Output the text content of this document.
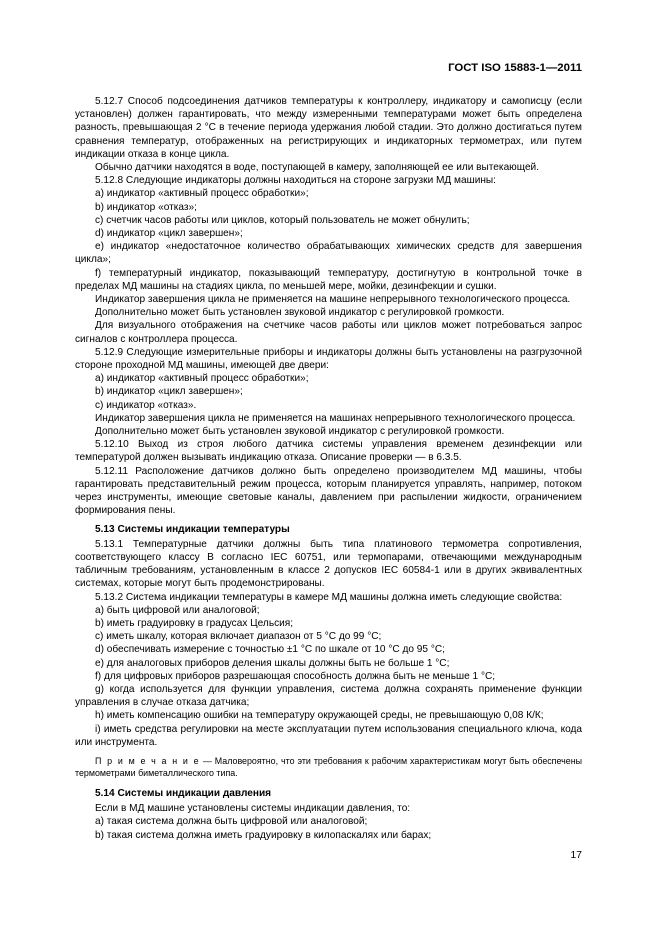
ГОСТ ISO 15883-1—2011

5.12.7 Способ подсоединения датчиков температуры к контроллеру, индикатору и самописцу (если установлен) должен гарантировать, что между измеренными температурами может быть определена разность, превышающая 2 °С в течение периода удержания любой стадии. Это должно достигаться путем сравнения температур, отображенных на регистрирующих и индикаторных термометрах, или путем индикации отказа в конце цикла.

Обычно датчики находятся в воде, поступающей в камеру, заполняющей ее или вытекающей.

5.12.8 Следующие индикаторы должны находиться на стороне загрузки МД машины:

а) индикатор «активный процесс обработки»;

b) индикатор «отказ»;

с) счетчик часов работы или циклов, который пользователь не может обнулить;

d) индикатор «цикл завершен»;

e) индикатор «недостаточное количество обрабатывающих химических средств для завершения цикла»;

f) температурный индикатор, показывающий температуру, достигнутую в контрольной точке в пределах МД машины на стадиях цикла, по меньшей мере, мойки, дезинфекции и сушки.

Индикатор завершения цикла не применяется на машине непрерывного технологического процесса.

Дополнительно может быть установлен звуковой индикатор с регулировкой громкости.

Для визуального отображения на счетчике часов работы или циклов может потребоваться запрос сигналов с контроллера процесса.

5.12.9 Следующие измерительные приборы и индикаторы должны быть установлены на разгрузочной стороне проходной МД машины, имеющей две двери:

а) индикатор «активный процесс обработки»;

b) индикатор «цикл завершен»;

с) индикатор «отказ».

Индикатор завершения цикла не применяется на машинах непрерывного технологического процесса.

Дополнительно может быть установлен звуковой индикатор с регулировкой громкости.

5.12.10 Выход из строя любого датчика системы управления временем дезинфекции или температурой должен вызывать индикацию отказа. Описание проверки — в 6.3.5.

5.12.11 Расположение датчиков должно быть определено производителем МД машины, чтобы гарантировать представительный режим процесса, которым планируется управлять, например, потоком через инструменты, имеющие световые каналы, давлением при распылении жидкости, ограничением формирования пены.

5.13 Системы индикации температуры

5.13.1 Температурные датчики должны быть типа платинового термометра сопротивления, соответствующего классу В согласно IEC 60751, или термопарами, отвечающими международным табличным требованиям, установленным в классе 2 допусков IEC 60584-1 или в других эквивалентных системах, которые могут быть продемонстрированы.

5.13.2 Система индикации температуры в камере МД машины должна иметь следующие свойства:

а) быть цифровой или аналоговой;

b) иметь градуировку в градусах Цельсия;

с) иметь шкалу, которая включает диапазон от 5 °С до 99 °С;

d) обеспечивать измерение с точностью ±1 °С по шкале от 10 °С до 95 °С;

e) для аналоговых приборов деления шкалы должны быть не больше 1 °С;

f) для цифровых приборов разрешающая способность должна быть не меньше 1 °С;

g) когда используется для функции управления, система должна сохранять применение функции управления в случае отказа датчика;

h) иметь компенсацию ошибки на температуру окружающей среды, не превышающую 0,08 К/К;

i) иметь средства регулировки на месте эксплуатации путем использования специального ключа, кода или инструмента.

П р и м е ч а н и е — Маловероятно, что эти требования к рабочим характеристикам могут быть обеспечены термометрами биметаллического типа.

5.14 Системы индикации давления

Если в МД машине установлены системы индикации давления, то:

а) такая система должна быть цифровой или аналоговой;

b) такая система должна иметь градуировку в килопаскалях или барах;

17
